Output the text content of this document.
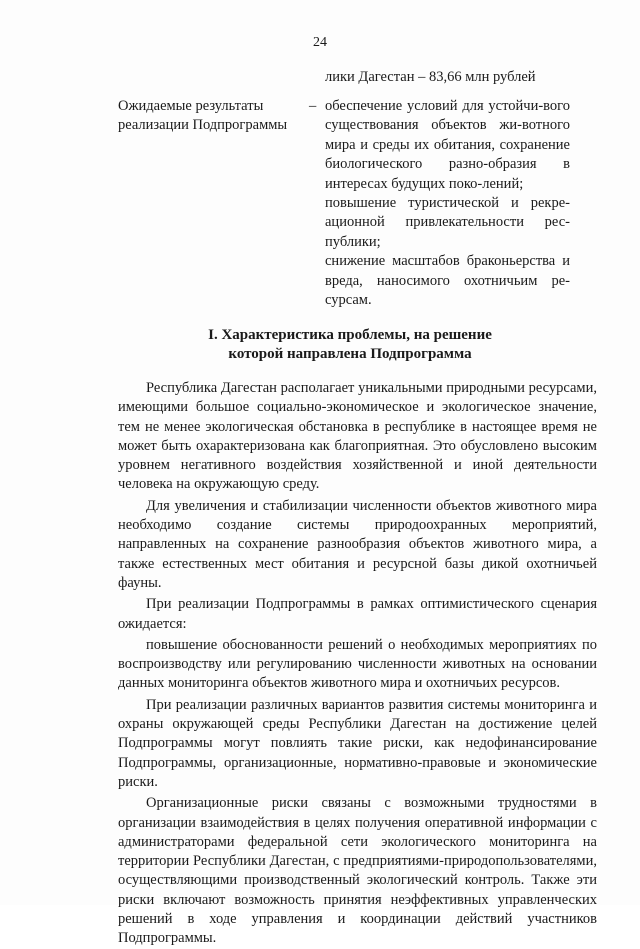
24
лики Дагестан – 83,66 млн рублей
Ожидаемые результаты
реализации Подпрограммы
– обеспечение условий для устойчи-вого существования объектов жи-вотного мира и среды их обитания, сохранение биологического разно-образия в интересах будущих поко-лений;

повышение туристической и рекре-ационной привлекательности рес-публики;

снижение масштабов браконьерства и вреда, наносимого охотничьим ре-сурсам.

I. Характеристика проблемы, на решение
которой направлена Подпрограмма

Республика Дагестан располагает уникальными природными ресурсами, имеющими большое социально-экономическое и экологическое значение, тем не менее экологическая обстановка в республике в настоящее время не может быть охарактеризована как благоприятная. Это обусловлено высоким уровнем негативного воздействия хозяйственной и иной деятельности человека на окружающую среду.

Для увеличения и стабилизации численности объектов животного мира необходимо создание системы природоохранных мероприятий, направленных на сохранение разнообразия объектов животного мира, а также естественных мест обитания и ресурсной базы дикой охотничьей фауны.

При реализации Подпрограммы в рамках оптимистического сценария ожидается:

повышение обоснованности решений о необходимых мероприятиях по воспроизводству или регулированию численности животных на основании данных мониторинга объектов животного мира и охотничьих ресурсов.

При реализации различных вариантов развития системы мониторинга и охраны окружающей среды Республики Дагестан на достижение целей Подпрограммы могут повлиять такие риски, как недофинансирование Подпрограммы, организационные, нормативно-правовые и экономические риски.

Организационные риски связаны с возможными трудностями в организации взаимодействия в целях получения оперативной информации с администраторами федеральной сети экологического мониторинга на территории Республики Дагестан, с предприятиями-природопользователями, осуществляющими производственный экологический контроль. Также эти риски включают возможность принятия неэффективных управленческих решений в ходе управления и координации действий участников Подпрограммы.
